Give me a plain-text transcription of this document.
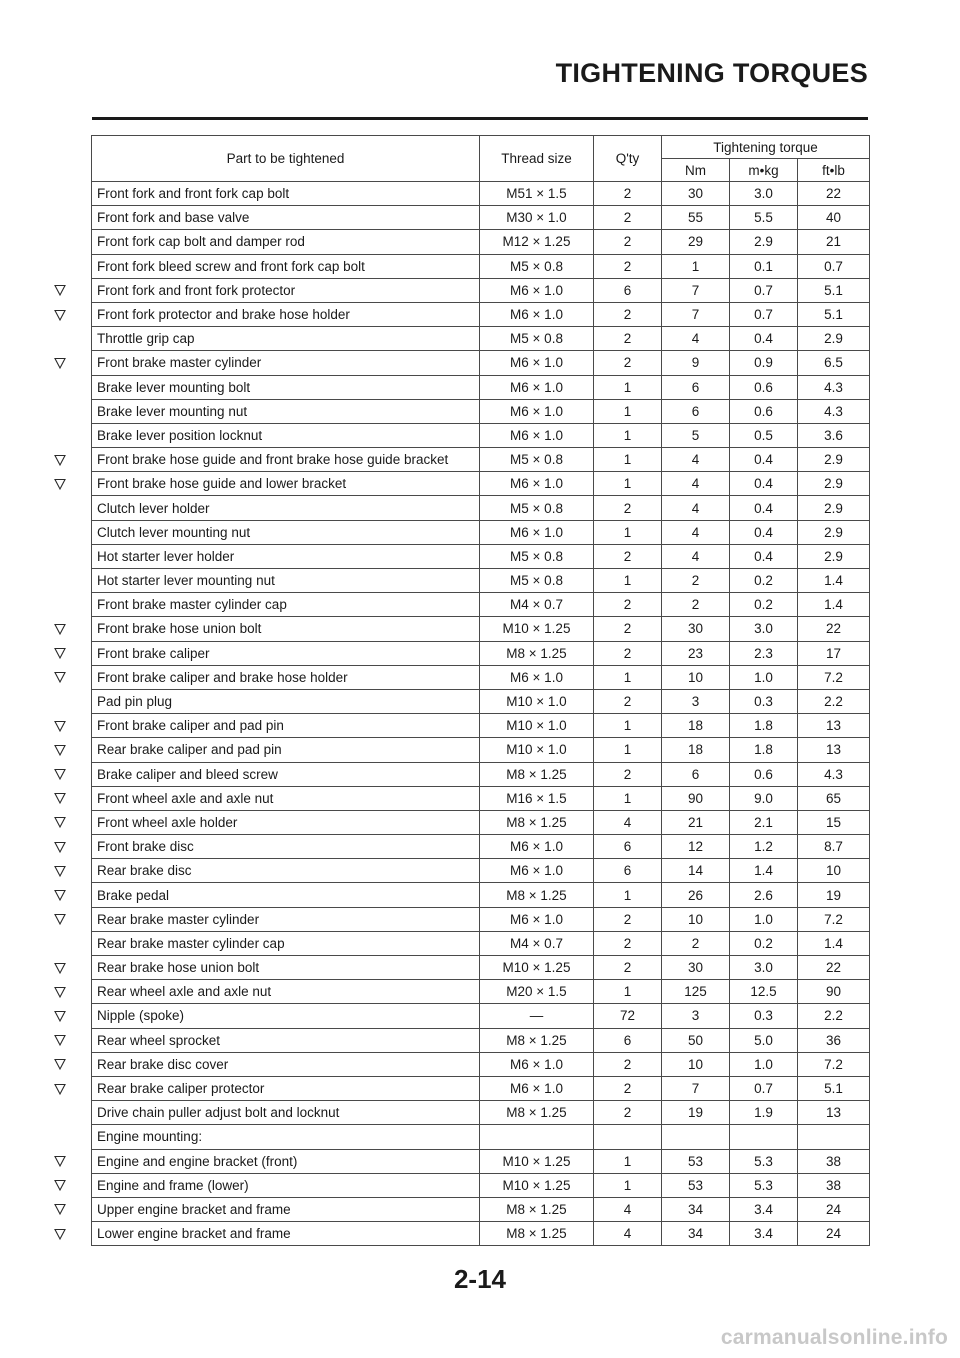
TIGHTENING TORQUES
Part to be tightened	Thread size	Q'ty	Tightening torque		
			Nm	m•kg	ft•lb
Front fork and front fork cap bolt	M51 × 1.5	2	30	3.0	22
Front fork and base valve	M30 × 1.0	2	55	5.5	40
Front fork cap bolt and damper rod	M12 × 1.25	2	29	2.9	21
Front fork bleed screw and front fork cap bolt	M5 × 0.8	2	1	0.1	0.7

Front fork and front fork protector	M6 × 1.0	6	7	0.7	5.1

Front fork protector and brake hose holder	M6 × 1.0	2	7	0.7	5.1
Throttle grip cap	M5 × 0.8	2	4	0.4	2.9

Front brake master cylinder	M6 × 1.0	2	9	0.9	6.5
Brake lever mounting bolt	M6 × 1.0	1	6	0.6	4.3
Brake lever mounting nut	M6 × 1.0	1	6	0.6	4.3
Brake lever position locknut	M6 × 1.0	1	5	0.5	3.6

Front brake hose guide and front brake hose guide bracket	M5 × 0.8	1	4	0.4	2.9

Front brake hose guide and lower bracket	M6 × 1.0	1	4	0.4	2.9
Clutch lever holder	M5 × 0.8	2	4	0.4	2.9
Clutch lever mounting nut	M6 × 1.0	1	4	0.4	2.9
Hot starter lever holder	M5 × 0.8	2	4	0.4	2.9
Hot starter lever mounting nut	M5 × 0.8	1	2	0.2	1.4
Front brake master cylinder cap	M4 × 0.7	2	2	0.2	1.4

Front brake hose union bolt	M10 × 1.25	2	30	3.0	22

Front brake caliper	M8 × 1.25	2	23	2.3	17

Front brake caliper and brake hose holder	M6 × 1.0	1	10	1.0	7.2
Pad pin plug	M10 × 1.0	2	3	0.3	2.2

Front brake caliper and pad pin	M10 × 1.0	1	18	1.8	13

Rear brake caliper and pad pin	M10 × 1.0	1	18	1.8	13

Brake caliper and bleed screw	M8 × 1.25	2	6	0.6	4.3

Front wheel axle and axle nut	M16 × 1.5	1	90	9.0	65

Front wheel axle holder	M8 × 1.25	4	21	2.1	15

Front brake disc	M6 × 1.0	6	12	1.2	8.7

Rear brake disc	M6 × 1.0	6	14	1.4	10

Brake pedal	M8 × 1.25	1	26	2.6	19

Rear brake master cylinder	M6 × 1.0	2	10	1.0	7.2
Rear brake master cylinder cap	M4 × 0.7	2	2	0.2	1.4

Rear brake hose union bolt	M10 × 1.25	2	30	3.0	22

Rear wheel axle and axle nut	M20 × 1.5	1	125	12.5	90

Nipple (spoke)	—	72	3	0.3	2.2

Rear wheel sprocket	M8 × 1.25	6	50	5.0	36

Rear brake disc cover	M6 × 1.0	2	10	1.0	7.2

Rear brake caliper protector	M6 × 1.0	2	7	0.7	5.1
Drive chain puller adjust bolt and locknut	M8 × 1.25	2	19	1.9	13
Engine mounting:					

Engine and engine bracket (front)	M10 × 1.25	1	53	5.3	38

Engine and frame (lower)	M10 × 1.25	1	53	5.3	38

Upper engine bracket and frame	M8 × 1.25	4	34	3.4	24

Lower engine bracket and frame	M8 × 1.25	4	34	3.4	24
2-14
carmanualsonline.info
